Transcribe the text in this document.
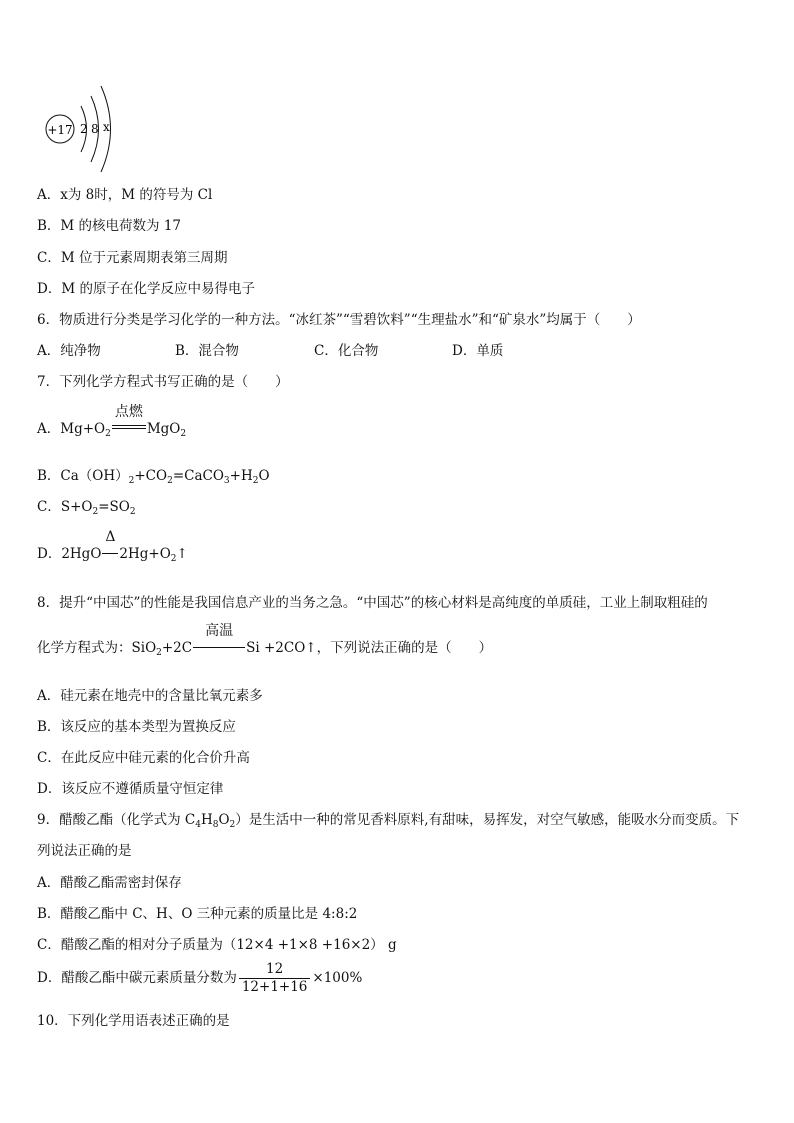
+17 2 8 x
A．x为 8时，M 的符号为 Cl
B．M 的核电荷数为 17
C．M 位于元素周期表第三周期
D．M 的原子在化学反应中易得电子
6．物质进行分类是学习化学的一种方法。“冰红茶”“雪碧饮料”“生理盐水”和“矿泉水”均属于（　　）
A．纯净物	B．混合物	C．化合物	D．单质
7．下列化学方程式书写正确的是（　　）
A．$Mg+O_2$
点燃
MgO$_2$
B．$Ca(OH)_2+CO_2=CaCO_3+H_2O$
C．$S+O_2=SO_2$
D．2HgO
Δ
$2Hg+O_2↑$
8．提升“中国芯”的性能是我国信息产业的当务之急。“中国芯”的核心材料是高纯度的单质硅，工业上制取粗硅的
化学方程式为：SiO$_2$+2C
高温
Si +2CO↑，下列说法正确的是（　　）
A．硅元素在地壳中的含量比氧元素多
B．该反应的基本类型为置换反应
C．在此反应中硅元素的化合价升高
D．该反应不遵循质量守恒定律
9．醋酸乙酯（化学式为 $C_4H_8O_2$）是生活中一种的常见香料原料,有甜味，易挥发，对空气敏感，能吸水分而变质。下
列说法正确的是
A．醋酸乙酯需密封保存
B．醋酸乙酯中 C、H、O 三种元素的质量比是 4:8:2
C．醋酸乙酯的相对分子质量为（12×4 +1×8 +16×2） g
D．醋酸乙酯中碳元素质量分数为 $\frac{12}{12+1+16} \times 100\%$
10．下列化学用语表述正确的是
